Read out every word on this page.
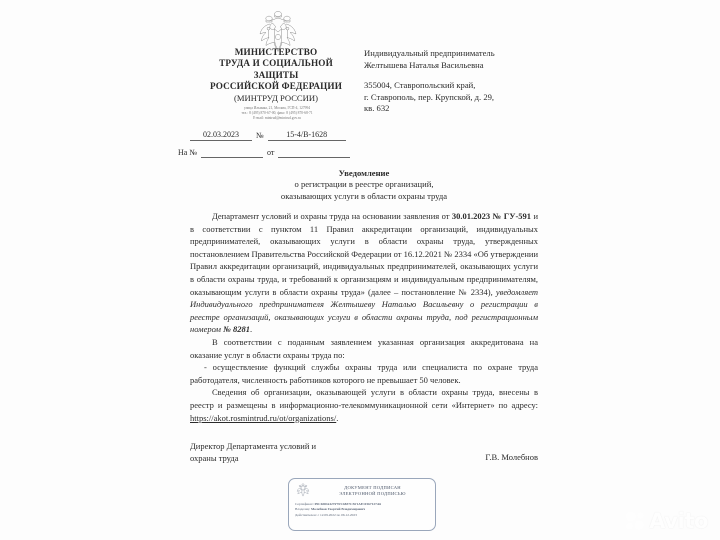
МИНИСТЕРСТВО
ТРУДА И СОЦИАЛЬНОЙ
ЗАЩИТЫ
РОССИЙСКОЙ ФЕДЕРАЦИИ
(МИНТРУД РОССИИ)
улица Ильинка, 21, Москва, ГСП-4, 127994
тел.: 8 (495) 870-67-00, факс: 8 (495) 870-68-71
E-mail: mintrud@mintrud.gov.ru
02.03.2023	№	15-4/В-1628
На №	от
Индивидуальный предприниматель
Желтышева Наталья Васильевна
355004, Ставропольский край,
г. Ставрополь, пер. Крупской, д. 29,
кв. 632
Уведомление
о регистрации в реестре организаций,
оказывающих услуги в области охраны труда

Департамент условий и охраны труда на основании заявления от 30.01.2023 № ГУ-591 и в соответствии с пунктом 11 Правил аккредитации организаций, индивидуальных предпринимателей, оказывающих услуги в области охраны труда, утвержденных постановлением Правительства Российской Федерации от 16.12.2021 № 2334 «Об утверждении Правил аккредитации организаций, индивидуальных предпринимателей, оказывающих услуги в области охраны труда, и требований к организациям и индивидуальным предпринимателям, оказывающим услуги в области охраны труда» (далее – постановление № 2334), уведомляет Индивидуального предпринимателя Желтышеву Наталью Васильевну о регистрации в реестре организаций, оказывающих услуги в области охраны труда, под регистрационным номером № 8281.

В соответствии с поданным заявлением указанная организация аккредитована на оказание услуг в области охраны труда по:

- осуществление функций службы охраны труда или специалиста по охране труда работодателя, численность работников которого не превышает 50 человек.

Сведения об организации, оказывающей услуги в области охраны труда, внесены в реестр и размещены в информационно-телекоммуникационной сети «Интернет» по адресу: https://akot.rosmintrud.ru/ot/organizations/.

Директор Департамента условий и
охраны труда	Г.В. Молебнов
ДОКУМЕНТ ПОДПИСАН
ЭЛЕКТРОННОЙ ПОДПИСЬЮ
Сертификат: 09C6D0A427F7FC6837C5F1AE11567127A6
Владелец: Молебнов Георгий Владимирович
Действителен: с 12.09.2022 по 06.12.2023	Avito
